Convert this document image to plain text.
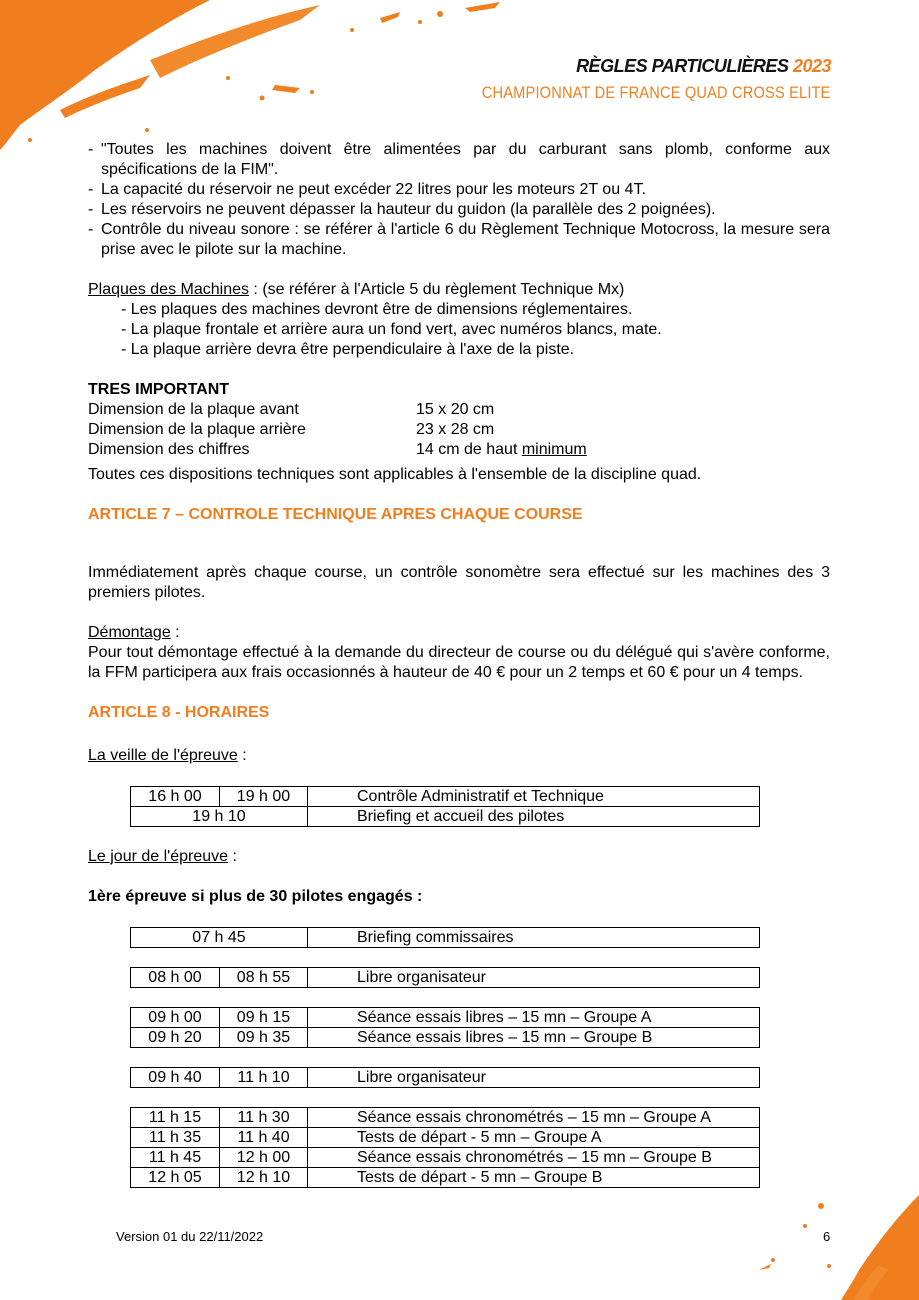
RÈGLES PARTICULIÈRES 2023
CHAMPIONNAT DE FRANCE QUAD CROSS ELITE
- "Toutes les machines doivent être alimentées par du carburant sans plomb, conforme aux spécifications de la FIM".
- La capacité du réservoir ne peut excéder 22 litres pour les moteurs 2T ou 4T.
- Les réservoirs ne peuvent dépasser la hauteur du guidon (la parallèle des 2 poignées).
- Contrôle du niveau sonore : se référer à l'article 6 du Règlement Technique Motocross, la mesure sera prise avec le pilote sur la machine.
Plaques des Machines : (se référer à l'Article 5 du règlement Technique Mx)
- Les plaques des machines devront être de dimensions réglementaires.
- La plaque frontale et arrière aura un fond vert, avec numéros blancs, mate.
- La plaque arrière devra être perpendiculaire à l'axe de la piste.
TRES IMPORTANT
Dimension de la plaque avant	15 x 20 cm
Dimension de la plaque arrière	23 x 28 cm
Dimension des chiffres	14 cm de haut minimum
Toutes ces dispositions techniques sont applicables à l'ensemble de la discipline quad.
ARTICLE 7 – CONTROLE TECHNIQUE APRES CHAQUE COURSE
Immédiatement après chaque course, un contrôle sonomètre sera effectué sur les machines des 3 premiers pilotes.
Démontage :
Pour tout démontage effectué à la demande du directeur de course ou du délégué qui s'avère conforme, la FFM participera aux frais occasionnés à hauteur de 40 € pour un 2 temps et 60 € pour un 4 temps.
ARTICLE 8 - HORAIRES
La veille de l'épreuve :
16 h 00	19 h 00	Contrôle Administratif et Technique
19 h 10		Briefing et accueil des pilotes
Le jour de l'épreuve :
1ère épreuve si plus de 30 pilotes engagés :
07 h 45		Briefing commissaires

08 h 00	08 h 55	Libre organisateur

09 h 00	09 h 15	Séance essais libres – 15 mn – Groupe A
09 h 20	09 h 35	Séance essais libres – 15 mn – Groupe B

09 h 40	11 h 10	Libre organisateur

11 h 15	11 h 30	Séance essais chronométrés – 15 mn – Groupe A
11 h 35	11 h 40	Tests de départ - 5 mn – Groupe A
11 h 45	12 h 00	Séance essais chronométrés – 15 mn – Groupe B
12 h 05	12 h 10	Tests de départ - 5 mn – Groupe B
Version 01 du 22/11/2022	6
